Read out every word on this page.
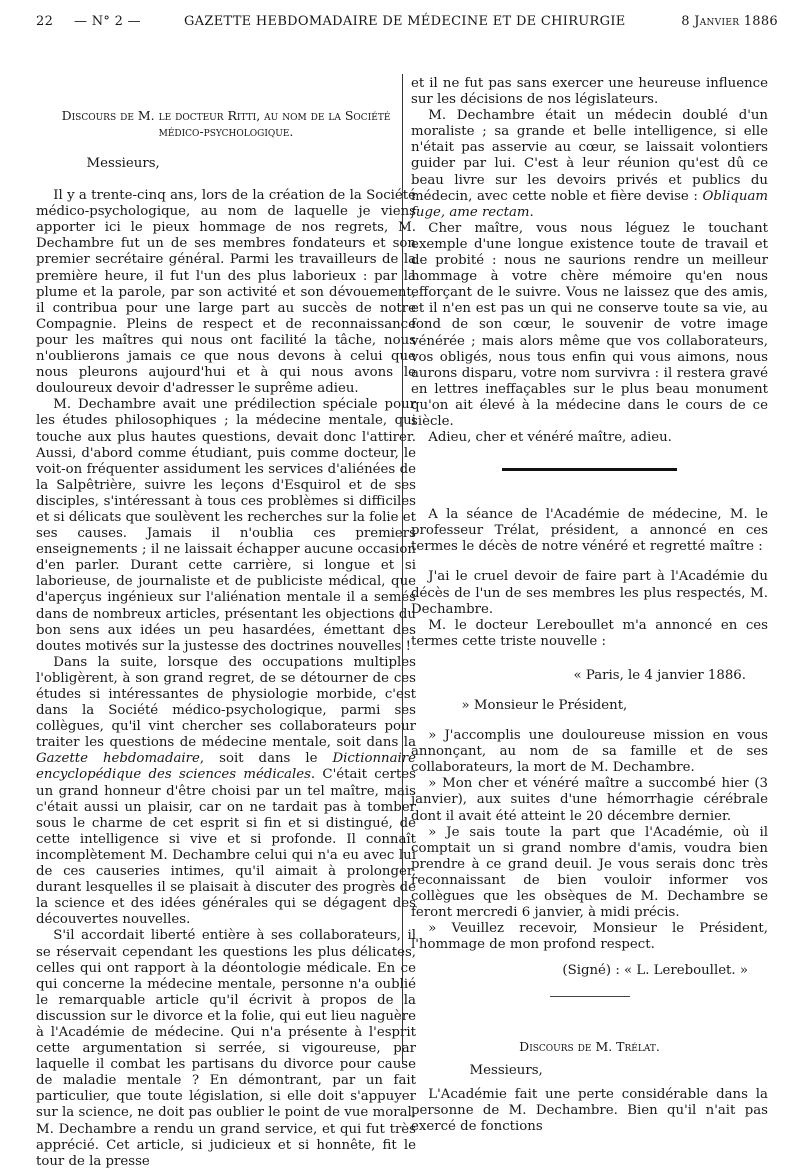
22 — N° 2 —	GAZETTE HEBDOMADAIRE DE MÉDECINE ET DE CHIRURGIE	8 Janvier 1886
Discours de M. le docteur Ritti, au nom de la Société
médico-psychologique.

Messieurs,

Il y a trente-cinq ans, lors de la création de la Société médico-psychologique, au nom de laquelle je viens apporter ici le pieux hommage de nos regrets, M. Dechambre fut un de ses membres fondateurs et son premier secrétaire général. Parmi les travailleurs de la première heure, il fut l'un des plus laborieux : par la plume et la parole, par son activité et son dévouement, il contribua pour une large part au succès de notre Compagnie. Pleins de respect et de reconnaissance pour les maîtres qui nous ont facilité la tâche, nous n'oublierons jamais ce que nous devons à celui que nous pleurons aujourd'hui et à qui nous avons le douloureux devoir d'adresser le suprême adieu.

M. Dechambre avait une prédilection spéciale pour les études philosophiques ; la médecine mentale, qui touche aux plus hautes questions, devait donc l'attirer. Aussi, d'abord comme étudiant, puis comme docteur, le voit-on fréquenter assidument les services d'aliénées de la Salpêtrière, suivre les leçons d'Esquirol et de ses disciples, s'intéressant à tous ces problèmes si difficiles et si délicats que soulèvent les recherches sur la folie et ses causes. Jamais il n'oublia ces premiers enseignements ; il ne laissait échapper aucune occasion d'en parler. Durant cette carrière, si longue et si laborieuse, de journaliste et de publiciste médical, que d'aperçus ingénieux sur l'aliénation mentale il a semés dans de nombreux articles, présentant les objections du bon sens aux idées un peu hasardées, émettant des doutes motivés sur la justesse des doctrines nouvelles !

Dans la suite, lorsque des occupations multiples l'obligèrent, à son grand regret, de se détourner de ces études si intéressantes de physiologie morbide, c'est dans la Société médico-psychologique, parmi ses collègues, qu'il vint chercher ses collaborateurs pour traiter les questions de médecine mentale, soit dans la Gazette hebdomadaire, soit dans le Dictionnaire encyclopédique des sciences médicales. C'était certes un grand honneur d'être choisi par un tel maître, mais c'était aussi un plaisir, car on ne tardait pas à tomber sous le charme de cet esprit si fin et si distingué, de cette intelligence si vive et si profonde. Il connaît incomplètement M. Dechambre celui qui n'a eu avec lui de ces causeries intimes, qu'il aimait à prolonger, durant lesquelles il se plaisait à discuter des progrès de la science et des idées générales qui se dégagent des découvertes nouvelles.

S'il accordait liberté entière à ses collaborateurs, il se réservait cependant les questions les plus délicates, celles qui ont rapport à la déontologie médicale. En ce qui concerne la médecine mentale, personne n'a oublié le remarquable article qu'il écrivit à propos de la discussion sur le divorce et la folie, qui eut lieu naguère à l'Académie de médecine. Qui n'a présente à l'esprit cette argumentation si serrée, si vigoureuse, par laquelle il combat les partisans du divorce pour cause de maladie mentale ? En démontrant, par un fait particulier, que toute législation, si elle doit s'appuyer sur la science, ne doit pas oublier le point de vue moral, M. Dechambre a rendu un grand service, et qui fut très apprécié. Cet article, si judicieux et si honnête, fit le tour de la presse

et il ne fut pas sans exercer une heureuse influence sur les décisions de nos législateurs.

M. Dechambre était un médecin doublé d'un moraliste ; sa grande et belle intelligence, si elle n'était pas asservie au cœur, se laissait volontiers guider par lui. C'est à leur réunion qu'est dû ce beau livre sur les devoirs privés et publics du médecin, avec cette noble et fière devise : Obliquam fuge, ame rectam.

Cher maître, vous nous léguez le touchant exemple d'une longue existence toute de travail et de probité : nous ne saurions rendre un meilleur hommage à votre chère mémoire qu'en nous efforçant de le suivre. Vous ne laissez que des amis, et il n'en est pas un qui ne conserve toute sa vie, au fond de son cœur, le souvenir de votre image vénérée ; mais alors même que vos collaborateurs, vos obligés, nous tous enfin qui vous aimons, nous aurons disparu, votre nom survivra : il restera gravé en lettres ineffaçables sur le plus beau monument qu'on ait élevé à la médecine dans le cours de ce siècle.

Adieu, cher et vénéré maître, adieu.

A la séance de l'Académie de médecine, M. le professeur Trélat, président, a annoncé en ces termes le décès de notre vénéré et regretté maître :

J'ai le cruel devoir de faire part à l'Académie du décès de l'un de ses membres les plus respectés, M. Dechambre.

M. le docteur Lereboullet m'a annoncé en ces termes cette triste nouvelle :

« Paris, le 4 janvier 1886.

» Monsieur le Président,

» J'accomplis une douloureuse mission en vous annonçant, au nom de sa famille et de ses collaborateurs, la mort de M. Dechambre.

» Mon cher et vénéré maître a succombé hier (3 janvier), aux suites d'une hémorrhagie cérébrale dont il avait été atteint le 20 décembre dernier.

» Je sais toute la part que l'Académie, où il comptait un si grand nombre d'amis, voudra bien prendre à ce grand deuil. Je vous serais donc très reconnaissant de bien vouloir informer vos collègues que les obsèques de M. Dechambre se feront mercredi 6 janvier, à midi précis.

» Veuillez recevoir, Monsieur le Président, l'hommage de mon profond respect.

(Signé) : « L. Lereboullet. »

Discours de M. Trélat.

Messieurs,

L'Académie fait une perte considérable dans la personne de M. Dechambre. Bien qu'il n'ait pas exercé de fonctions
